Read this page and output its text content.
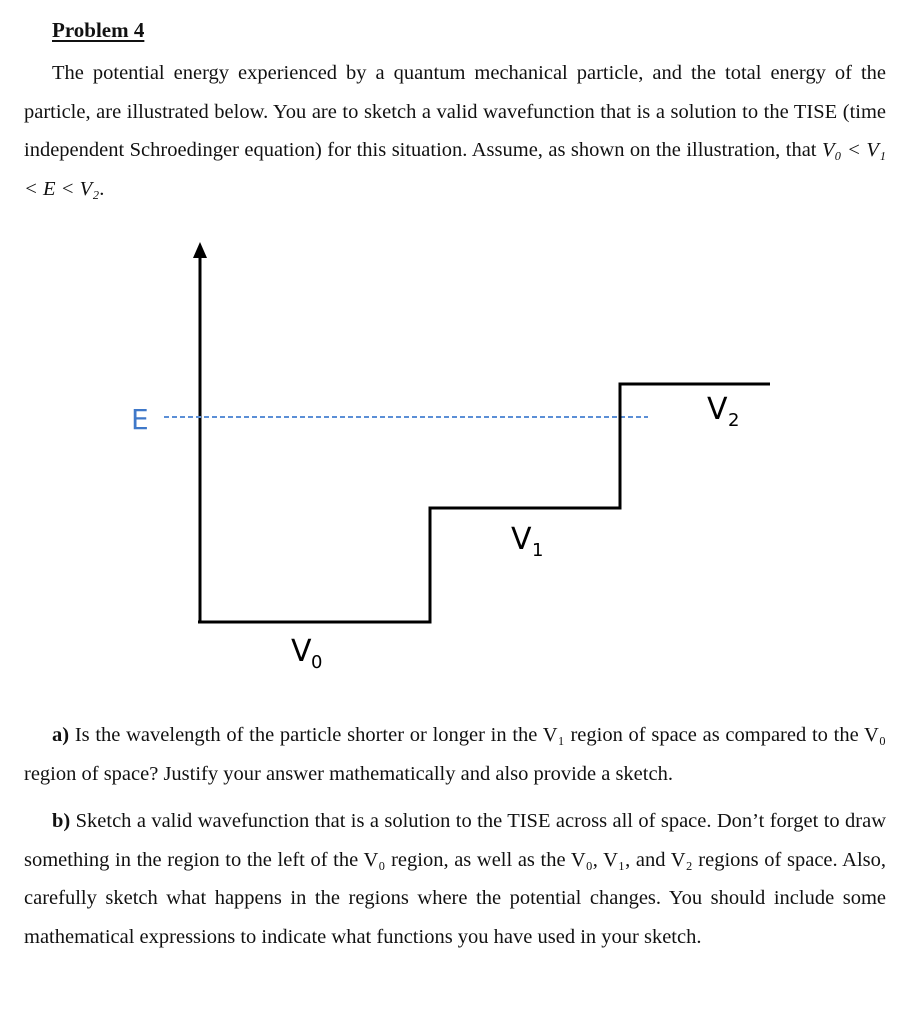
Problem 4

The potential energy experienced by a quantum mechanical particle, and the total energy of the particle, are illustrated below. You are to sketch a valid wavefunction that is a solution to the TISE (time independent Schroedinger equation) for this situation. Assume, as shown on the illustration, that V₀ < V₁ < E < V₂.

E
V 0
V 1
V 2

a) Is the wavelength of the particle shorter or longer in the V₁ region of space as compared to the V₀ region of space? Justify your answer mathematically and also provide a sketch.

b) Sketch a valid wavefunction that is a solution to the TISE across all of space. Don’t forget to draw something in the region to the left of the V₀ region, as well as the V₀, V₁, and V₂ regions of space. Also, carefully sketch what happens in the regions where the potential changes. You should include some mathematical expressions to indicate what functions you have used in your sketch.
